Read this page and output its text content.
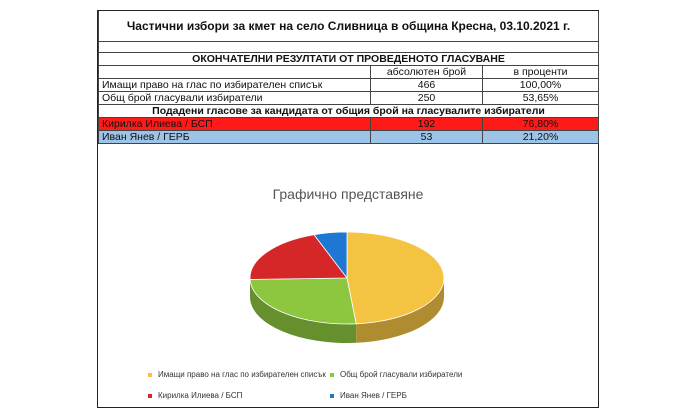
Частични избори за кмет на село Сливница в община Кресна, 03.10.2021 г.		

ОКОНЧАТЕЛНИ РЕЗУЛТАТИ ОТ ПРОВЕДЕНОТО ГЛАСУВАНЕ		
	абсолютен брой	в проценти
Имащи право на глас по избирателен списък	466	100,00%
Общ брой гласували избиратели	250	53,65%
Подадени гласове за кандидата от общия брой на гласувалите избиратели		
Кирилка Илиева / БСП	192	76,80%
Иван Янев / ГЕРБ	53	21,20%
Графично представяне
Имащи право на глас по избирателен списък	Общ брой гласували избиратели
Кирилка Илиева / БСП	Иван Янев / ГЕРБ
